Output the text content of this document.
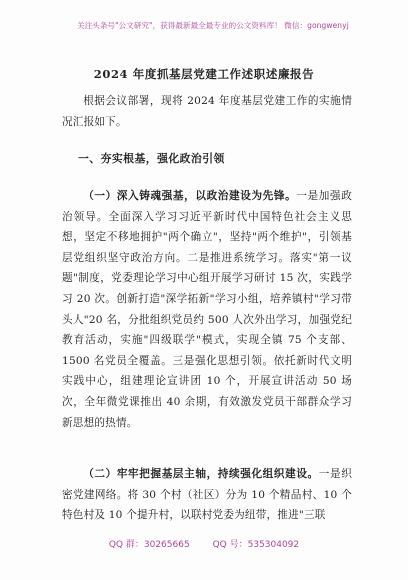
关注头条号"公文研究"，获得最新最全最专业的公文资料库！ 微信：gongwenyj
2024 年度抓基层党建工作述职述廉报告
根据会议部署，现将 2024 年度基层党建工作的实施情况汇报如下。
一、夯实根基，强化政治引领
（一）深入铸魂强基，以政治建设为先锋。一是加强政治领导。全面深入学习习近平新时代中国特色社会主义思想，坚定不移地拥护"两个确立"，坚持"两个维护"，引领基层党组织坚守政治方向。二是推进系统学习。落实"第一议题"制度，党委理论学习中心组开展学习研讨 15 次，实践学习 20 次。创新打造"深学拓新"学习小组，培养镇村"学习带头人"20 名，分批组织党员约 500 人次外出学习，加强党纪教育活动，实施"四级联学"模式，实现全镇 75 个支部、1500 名党员全覆盖。三是强化思想引领。依托新时代文明实践中心，组建理论宣讲团 10 个，开展宣讲活动 50 场次，全年微党课推出 40 余期，有效激发党员干部群众学习新思想的热情。
（二）牢牢把握基层主轴，持续强化组织建设。一是织密党建网络。将 30 个村（社区）分为 10 个精品村、10 个特色村及 10 个提升村，以联村党委为纽带，推进"三联
QQ 群：30265665        QQ 号：535304092
